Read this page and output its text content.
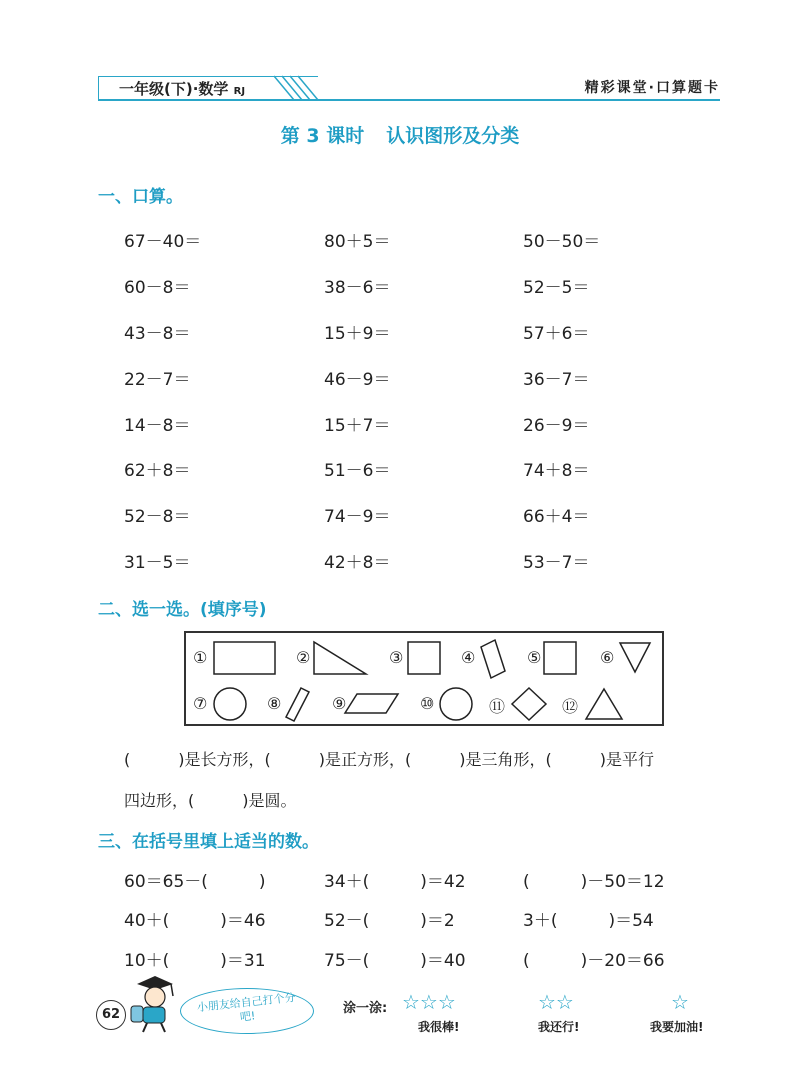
一年级(下)·数学 RJ	精彩课堂·口算题卡
第 3 课时 认识图形及分类
一、口算。
67－40＝	80＋5＝	50－50＝
60－8＝	38－6＝	52－5＝
43－8＝	15＋9＝	57＋6＝
22－7＝	46－9＝	36－7＝
14－8＝	15＋7＝	26－9＝
62＋8＝	51－6＝	74＋8＝
52－8＝	74－9＝	66＋4＝
31－5＝	42＋8＝	53－7＝
二、选一选。(填序号)
①	②	③	④	⑤	⑥
⑦	⑧	⑨	⑩	⑪	⑫
(　　　)是长方形，(　　　)是正方形，(　　　)是三角形，(　　　)是平行
四边形，(　　　)是圆。
三、在括号里填上适当的数。
60＝65－(　　　)	34＋(　　　)＝42	(　　　)－50＝12
40＋(　　　)＝46	52－(　　　)＝2	3＋(　　　)＝54
10＋(　　　)＝31	75－(　　　)＝40	(　　　)－20＝66
62
小朋友给自己打个分吧!
涂一涂: ☆☆☆
我很棒!
☆☆
我还行!
☆
我要加油!
